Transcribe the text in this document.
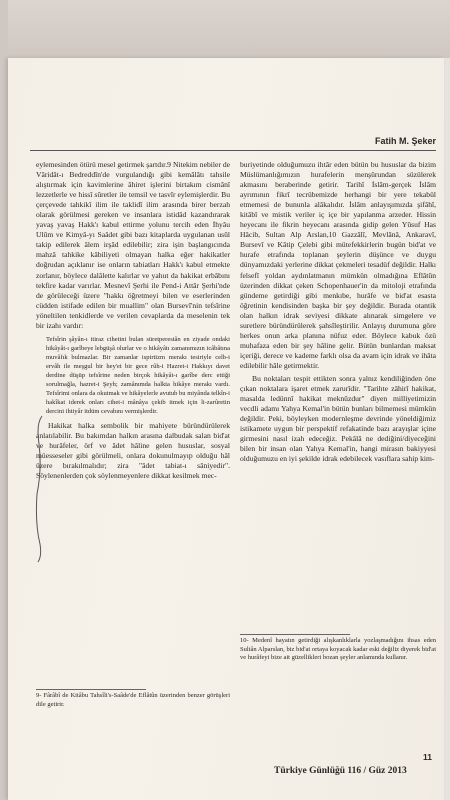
Fatih M. Şeker

eylemesinden ötürü mesel getirmek şartdır.9 Nitekim nebiler de Vâridât-ı Bedreddîn'de vurgulandığı gibi kemâlâtı tahsile alıştırmak için kavimlerine âhiret işlerini birtakım cismânî lezzetlerle ve hissî sûretler ile temsil ve tasvîr eylemişlerdir. Bu çerçevede tahkikî ilim ile taklidî ilim arasında birer berzah olarak görülmesi gereken ve insanlara istidâd kazandırarak yavaş yavaş Hakk'ı kabul ettirme yolunu tercih eden İhyâu Ulûm ve Kimyâ-yı Saâdet gibi bazı kitaplarda uygulanan usûl takip edilerek âlem irşâd edilebilir; zira işin başlangıcında mahzâ tahkike kâbiliyeti olmayan halka eğer hakikatler doğrudan açıklanır ise onların tabiatları Hakk'ı kabul etmekte zorlanır, böylece dalâlette kalırlar ve yahut da hakikat erbâbını tekfire kadar varırlar. Mesnevî Şerhi ile Pend-i Attâr Şerhi'nde de görüleceği üzere "hakkı öğretmeyi bilen ve eserlerinden cüdden istifade edilen bir muallim" olan Bursevî'nin tefsîrine yöneltilen tenkidlerde ve verilen cevaplarda da meselenin tek bir izahı vardır:

Tefsîrin şâyân-ı itiraz cihetini bulan süretperestân en ziyade ondaki hikâyât-ı garîbeye lebgüşâ olurlar ve o hikâyâtı zamanımızın icâbâtına muvâfık bulmazlar. Bir zamanlar ispirtizm merakı tesiriyle celb-i ervâh ile meşgul bir hey'et bir gece rûh-i Hazret-i Hakkıyı davet derdine düşüp tefsîrine neden birçok hikâyât-ı garîbe derc ettiği sorulmağla, hazret-i Şeyh; zamânımda halkta hikâye merakı vardı. Tefsîrimi onlara da okutmak ve hikâyelerle avutub bu miyânda telkîn-i hakîkat iderek onları cihet-i mânâya çekib itmek için li-zarûretin dercini ihtiyâr itdüm cevabını vermişlerdir.

Hakikat halka sembolik bir mahiyete büründürülerek anlatılabilir. Bu bakımdan halkın arasına dalbudak salan bid'at ve hurâfeler, örf ve âdet hâline gelen hususlar, sosyal müesseseler gibi görülmeli, onlara dokunulmayıp olduğu hâl üzere bırakılmalıdır; zira "âdet tabiat-ı sâniyedir". Söylenenlerden çok söylenmeyenlere dikkat kesilmek mec-

buriyetinde olduğumuzu ihtâr eden bütün bu hususlar da bizim Müslümanlığımızın hurafelerin menşûrundan süzülerek akmasını beraberinde getirir. Tarihî İslâm-gerçek İslâm ayrımının fikrî tecrübemizde herhangi bir yere tekabül etmemesi de bununla alâkalıdır. İslâm anlayışımızda şifâhî, kitâbî ve mistik veriler iç içe bir yapılanma arzeder. Hissin heyecanı ile fikrin heyecanı arasında gidip gelen Yûsuf Has Hâcib, Sultan Alp Arslan,10 Gazzâlî, Mevlânâ, Ankaravî, Bursevî ve Kâtip Çelebi gibi mütefekkirlerin bugün bid'at ve hurafe etrafında toplanan şeylerin düşünce ve duygu dünyamızdaki yerlerine dikkat çekmeleri tesadüf değildir. Halkı felsefî yoldan aydınlatmanın mümkün olmadığına Eflâtûn üzerinden dikkat çeken Schopenhauer'in da mitoloji etrafında gündeme getirdiği gibi menkıbe, hurâfe ve bid'at esasta öğretinin kendisinden başka bir şey değildir. Burada otantik olan halkın idrak seviyesi dikkate alınarak simgelere ve suretlere büründürülerek şahsîleştirilir. Anlayış durumuna göre herkes onun arka planına nüfuz eder. Böylece kabuk özü muhafaza eden bir şey hâline gelir. Bütün bunlardan maksat içeriği, derece ve kademe farklı olsa da avam için idrak ve ihâta edilebilir hâle getirmektir.

Bu noktaları tespit ettikten sonra yalnız kendiliğinden öne çıkan noktalara işaret etmek zarurîdir. "Tarihte zâhirî hakikat, masalda ledünnî hakikat meknûzdur" diyen milliyetimizin vecdli adamı Yahya Kemal'in bütün bunları bilmemesi mümkün değildir. Peki, böyleyken modernleşme devrinde yöneldiğimiz istikamete uygun bir perspektif refakatinde bazı arayışlar içine girmesini nasıl izah edeceğiz. Pekâlâ ne dediğini/diyeceğini bilen bir insan olan Yahya Kemal'in, hangi mirasın bakiyyesi olduğumuzu en iyi şekilde idrak edebilecek vasıflara sahip kim-

10- Medenî hayatın getirdiği alışkanlıklarla yozlaşmadığını ihsas eden Sultân Alparslan, biz bid'at ortaya koyacak kadar eski değiliz diyerek bid'at ve hurâfeyi bize ait güzellikleri bozan şeyler anlamında kullanır.
9- Fârâbî de Kitâbu Tahsîli's-Saâde'de Eflâtûn üzerinden benzer görüşleri dile getirir.
11
Türkiye Günlüğü 116 / Güz 2013
